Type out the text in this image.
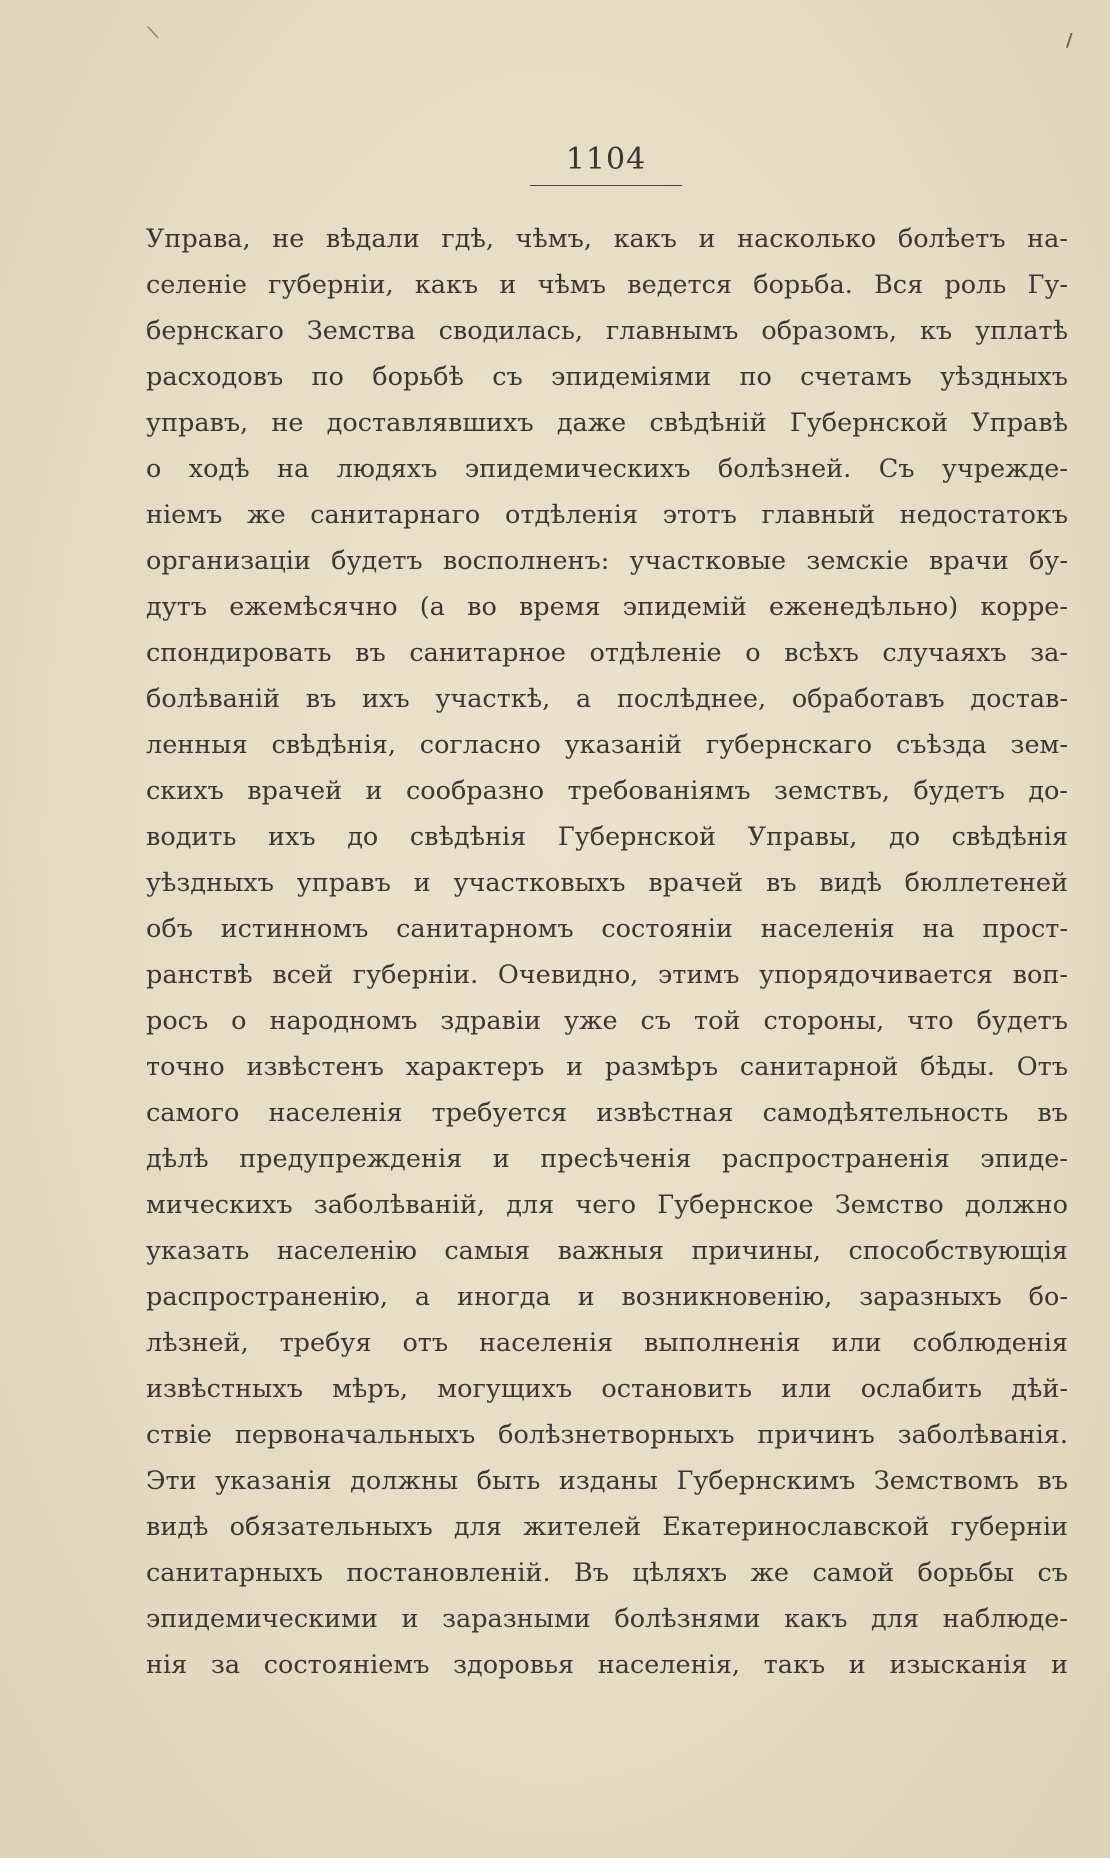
\	/
1104
Управа, не вѣдали гдѣ, чѣмъ, какъ и насколько болѣетъ на-
селеніе губерніи, какъ и чѣмъ ведется борьба. Вся роль Гу-
бернскаго Земства сводилась, главнымъ образомъ, къ уплатѣ
расходовъ по борьбѣ съ эпидеміями по счетамъ уѣздныхъ
управъ, не доставлявшихъ даже свѣдѣній Губернской Управѣ
о ходѣ на людяхъ эпидемическихъ болѣзней. Съ учрежде-
ніемъ же санитарнаго отдѣленія этотъ главный недостатокъ
организаціи будетъ восполненъ: участковые земскіе врачи бу-
дутъ ежемѣсячно (а во время эпидемій еженедѣльно) корре-
спондировать въ санитарное отдѣленіе о всѣхъ случаяхъ за-
болѣваній въ ихъ участкѣ, а послѣднее, обработавъ достав-
ленныя свѣдѣнія, согласно указаній губернскаго съѣзда зем-
скихъ врачей и сообразно требованіямъ земствъ, будетъ до-
водить ихъ до свѣдѣнія Губернской Управы, до свѣдѣнія
уѣздныхъ управъ и участковыхъ врачей въ видѣ бюллетеней
объ истинномъ санитарномъ состояніи населенія на прост-
ранствѣ всей губерніи. Очевидно, этимъ упорядочивается воп-
росъ о народномъ здравіи уже съ той стороны, что будетъ
точно извѣстенъ характеръ и размѣръ санитарной бѣды. Отъ
самого населенія требуется извѣстная самодѣятельность въ
дѣлѣ предупрежденія и пресѣченія распространенія эпиде-
мическихъ заболѣваній, для чего Губернское Земство должно
указать населенію самыя важныя причины, способствующія
распространенію, а иногда и возникновенію, заразныхъ бо-
лѣзней, требуя отъ населенія выполненія или соблюденія
извѣстныхъ мѣръ, могущихъ остановить или ослабить дѣй-
ствіе первоначальныхъ болѣзнетворныхъ причинъ заболѣванія.
Эти указанія должны быть изданы Губернскимъ Земствомъ въ
видѣ обязательныхъ для жителей Екатеринославской губерніи
санитарныхъ постановленій. Въ цѣляхъ же самой борьбы съ
эпидемическими и заразными болѣзнями какъ для наблюде-
нія за состояніемъ здоровья населенія, такъ и изысканія и
